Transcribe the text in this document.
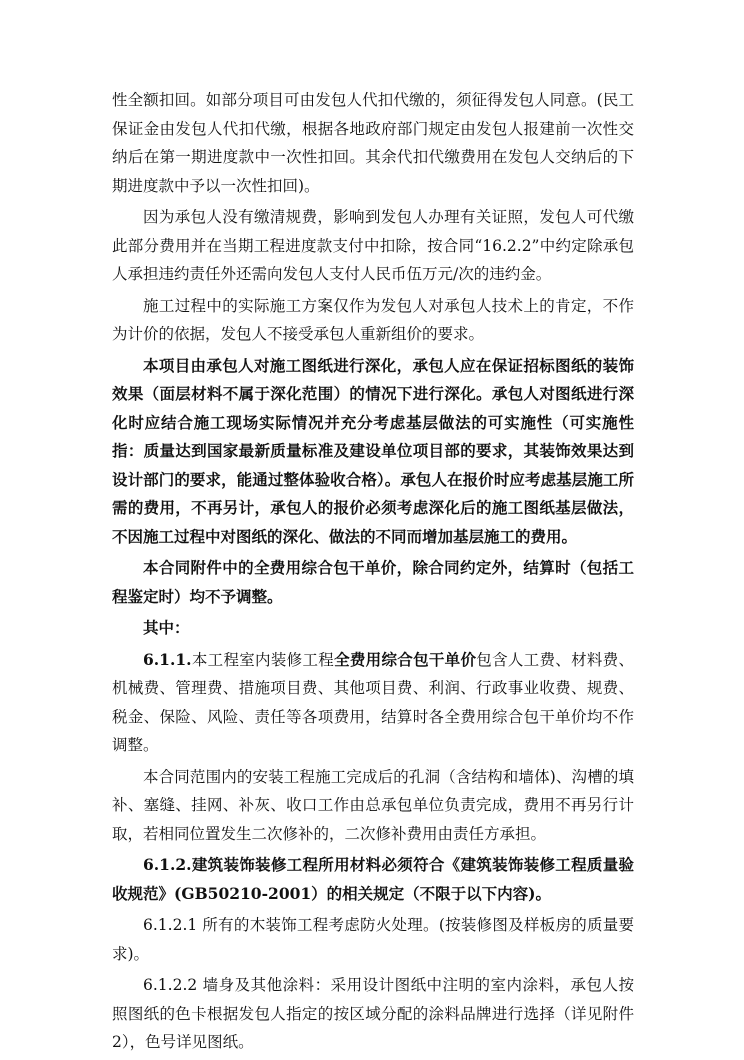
性全额扣回。如部分项目可由发包人代扣代缴的，须征得发包人同意。(民工保证金由发包人代扣代缴，根据各地政府部门规定由发包人报建前一次性交纳后在第一期进度款中一次性扣回。其余代扣代缴费用在发包人交纳后的下期进度款中予以一次性扣回)。

因为承包人没有缴清规费，影响到发包人办理有关证照，发包人可代缴此部分费用并在当期工程进度款支付中扣除，按合同“16.2.2”中约定除承包人承担违约责任外还需向发包人支付人民币伍万元/次的违约金。

施工过程中的实际施工方案仅作为发包人对承包人技术上的肯定，不作为计价的依据，发包人不接受承包人重新组价的要求。

本项目由承包人对施工图纸进行深化，承包人应在保证招标图纸的装饰效果（面层材料不属于深化范围）的情况下进行深化。承包人对图纸进行深化时应结合施工现场实际情况并充分考虑基层做法的可实施性（可实施性指：质量达到国家最新质量标准及建设单位项目部的要求，其装饰效果达到设计部门的要求，能通过整体验收合格）。承包人在报价时应考虑基层施工所需的费用，不再另计，承包人的报价必须考虑深化后的施工图纸基层做法，不因施工过程中对图纸的深化、做法的不同而增加基层施工的费用。

本合同附件中的全费用综合包干单价，除合同约定外，结算时（包括工程鉴定时）均不予调整。

其中：

6.1.1.本工程室内装修工程全费用综合包干单价包含人工费、材料费、机械费、管理费、措施项目费、其他项目费、利润、行政事业收费、规费、税金、保险、风险、责任等各项费用，结算时各全费用综合包干单价均不作调整。

本合同范围内的安装工程施工完成后的孔洞（含结构和墙体)、沟槽的填补、塞缝、挂网、补灰、收口工作由总承包单位负责完成，费用不再另行计取，若相同位置发生二次修补的，二次修补费用由责任方承担。

6.1.2.建筑装饰装修工程所用材料必须符合《建筑装饰装修工程质量验收规范》(GB50210-2001）的相关规定（不限于以下内容)。

6.1.2.1 所有的木装饰工程考虑防火处理。(按装修图及样板房的质量要求)。

6.1.2.2 墙身及其他涂料：采用设计图纸中注明的室内涂料，承包人按照图纸的色卡根据发包人指定的按区域分配的涂料品牌进行选择（详见附件 2），色号详见图纸。
